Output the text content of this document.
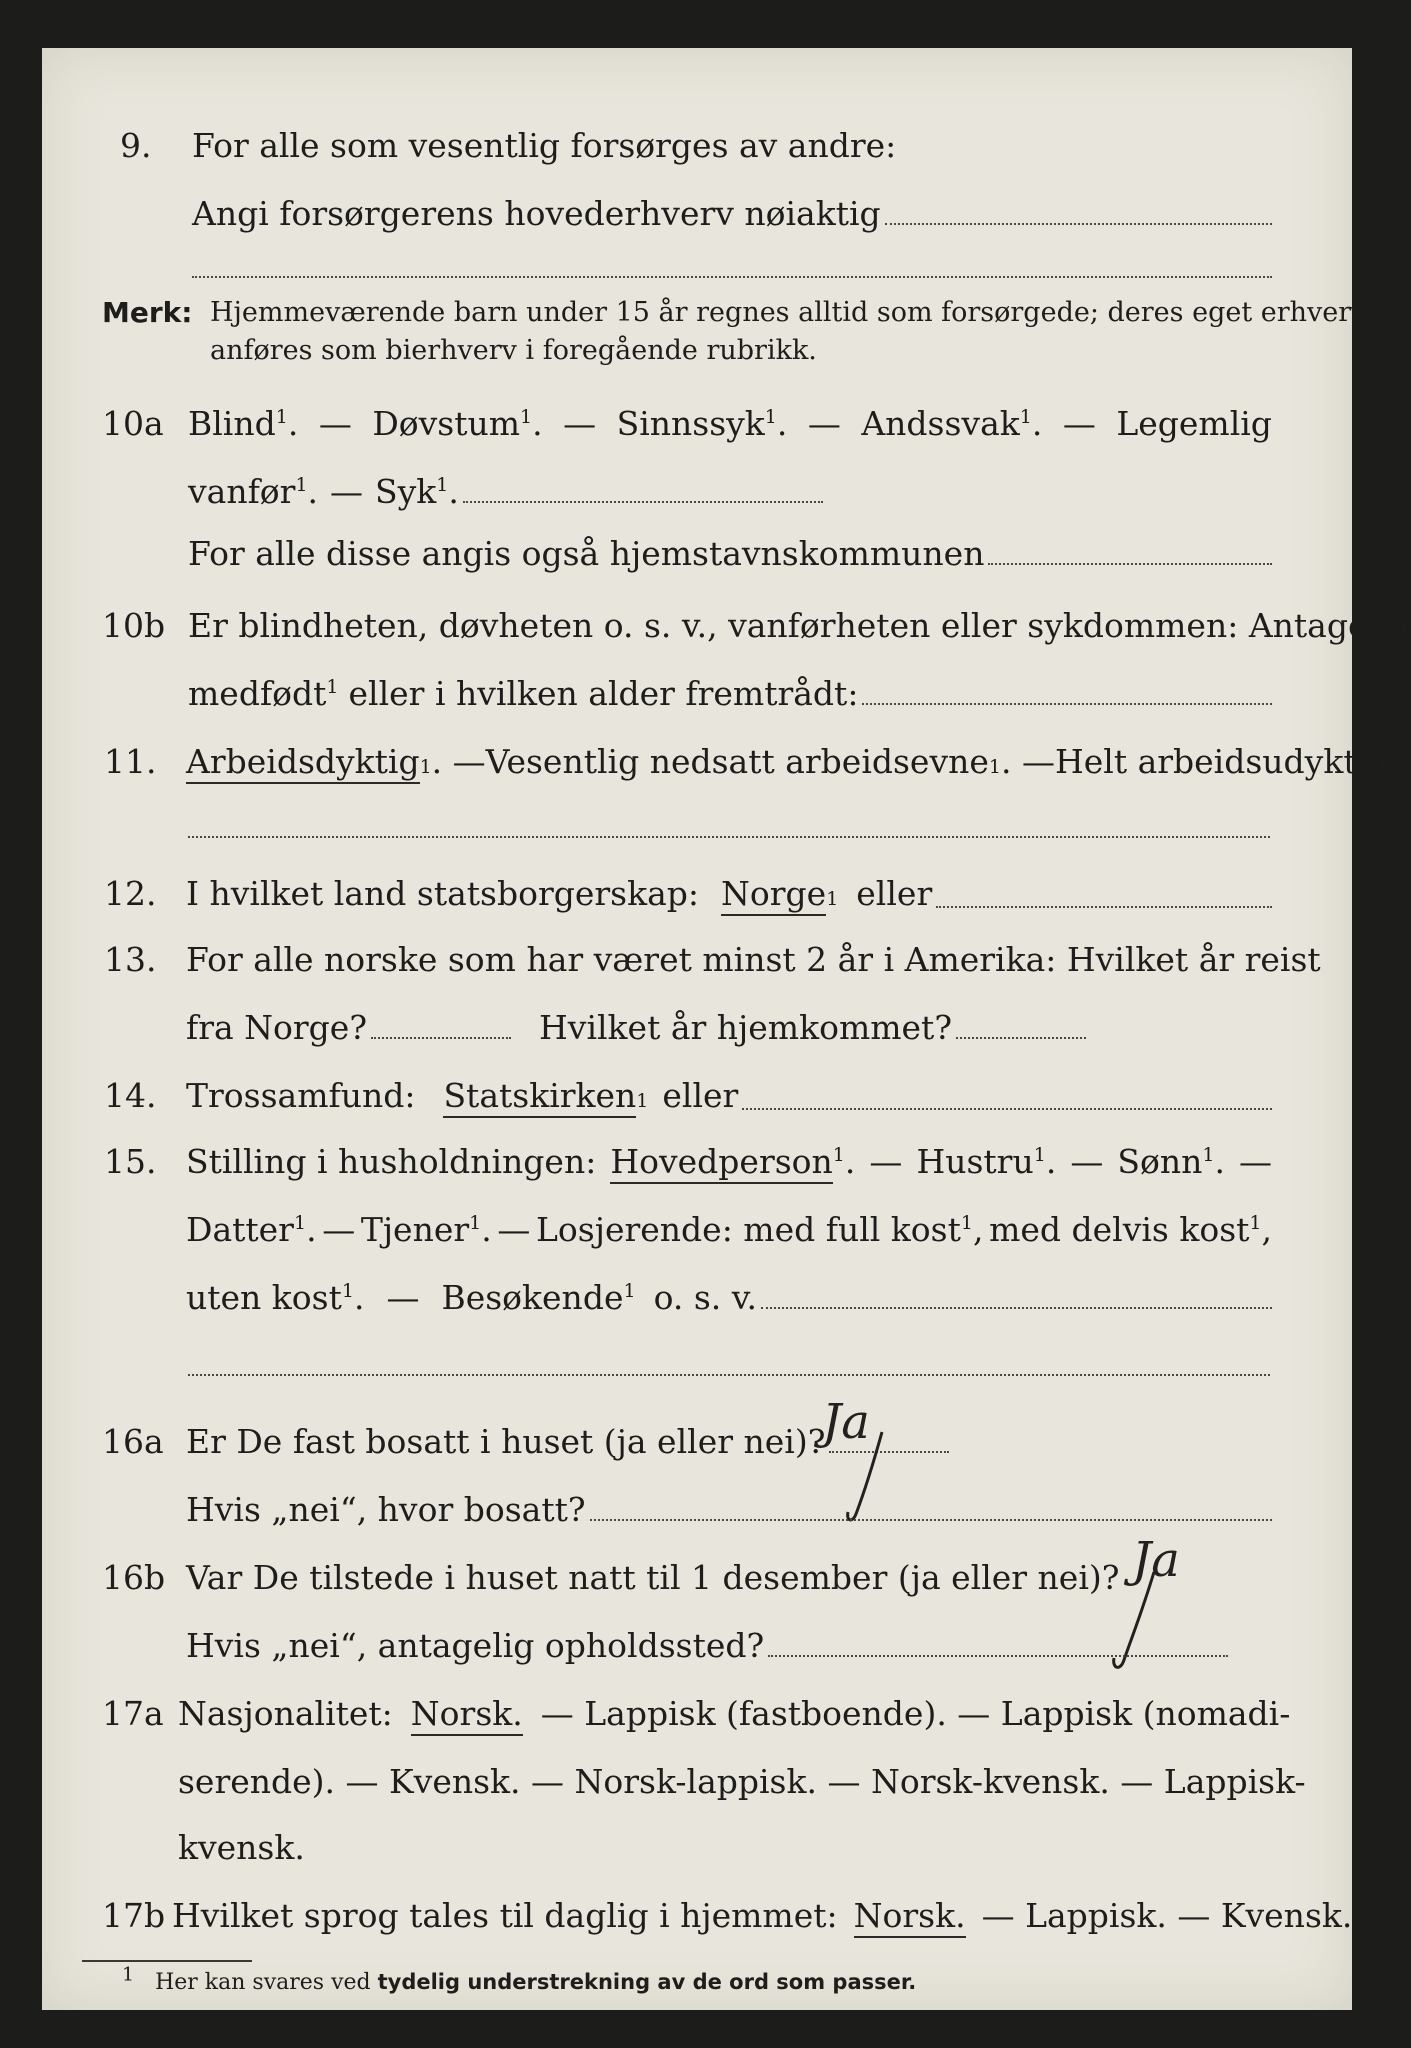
9. For alle som vesentlig forsørges av andre:
Angi forsørgerens hovederhverv nøiaktig
Merk: Hjemmeværende barn under 15 år regnes alltid som forsørgede; deres eget erhverv
anføres som bierhverv i foregående rubrikk.
10a Blind$^1$. — Døvstum$^1$. — Sinnssyk$^1$. — Andssvak$^1$. — Legemlig
vanfør$^1$. — Syk$^1$.
For alle disse angis også hjemstavnskommunen
10b Er blindheten, døvheten o. s. v., vanførheten eller sykdommen: Antagelig
medfødt$^1$ eller i hvilken alder fremtrådt:
11. Arbeidsdyktig 1 . — Vesentlig nedsatt arbeidsevne 1 . — Helt arbeidsudyktig 1 .
12. I hvilket land statsborgerskap: Norge 1 eller
13. For alle norske som har været minst 2 år i Amerika: Hvilket år reist
fra Norge?	Hvilket år hjemkommet?
14. Trossamfund: Statskirken 1 eller
15. Stilling i husholdningen: Hovedperson$^1$. — Hustru$^1$. — Sønn$^1$. —
Datter$^1$. — Tjener$^1$. — Losjerende: med full kost$^1$, med delvis kost$^1$,
uten kost$^1$. — Besøkende$^1$ o. s. v.
16a Er De fast bosatt i huset (ja eller nei)?
Ja
Hvis „nei“, hvor bosatt?
16b Var De tilstede i huset natt til 1 desember (ja eller nei)? Ja
Hvis „nei“, antagelig opholdssted?
17a Nasjonalitet: Norsk. — Lappisk (fastboende). — Lappisk (nomadi-
serende). — Kvensk. — Norsk-lappisk. — Norsk-kvensk. — Lappisk-
kvensk.
17b Hvilket sprog tales til daglig i hjemmet: Norsk. — Lappisk. — Kvensk.
1 Her kan svares ved tydelig understrekning av de ord som passer.
